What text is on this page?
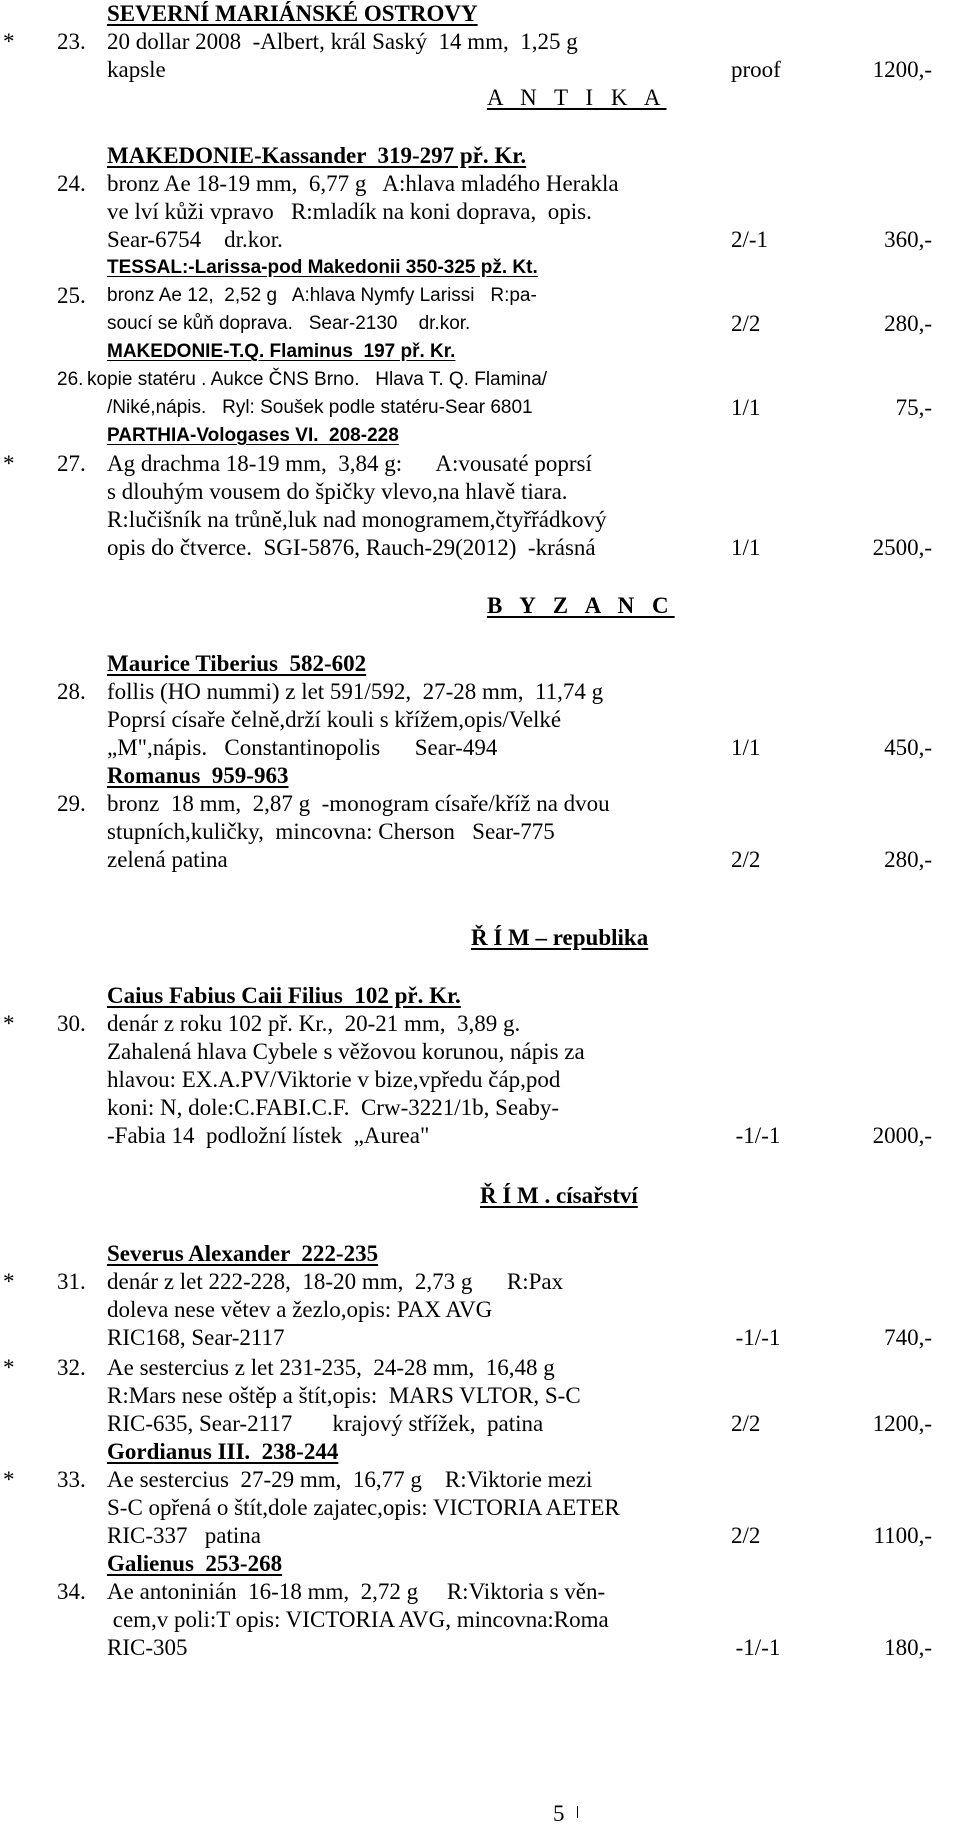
SEVERNÍ MARIÁNSKÉ OSTROVY
* 23. 20 dollar 2008  -Albert, král Saský  14 mm,  1,25 g
kapsle	proof	1200,-
A N T I K A
MAKEDONIE-Kassander  319-297 př. Kr.
24. bronz Ae 18-19 mm,  6,77 g   A:hlava mladého Herakla
ve lví kůži vpravo   R:mladík na koni doprava,  opis.
Sear-6754    dr.kor.	2/-1	360,-
TESSAL:-Larissa-pod Makedonii 350-325 pž. Kt.
25. bronz Ae 12,  2,52 g   A:hlava Nymfy Larissi   R:pa-
soucí se kůň doprava.   Sear-2130    dr.kor.	2/2	280,-
MAKEDONIE-T.Q. Flaminus  197 př. Kr.
26. kopie statéru . Aukce ČNS Brno.   Hlava T. Q. Flamina/
/Niké,nápis.   Ryl: Soušek podle statéru-Sear 6801	1/1	75,-
PARTHIA-Vologases VI.  208-228
* 27. Ag drachma 18-19 mm,  3,84 g:      A:vousaté poprsí
s dlouhým vousem do špičky vlevo,na hlavě tiara.
R:lučišník na trůně,luk nad monogramem,čtyřřádkový
opis do čtverce.  SGI-5876, Rauch-29(2012)  -krásná	1/1	2500,-
B Y Z A N C
Maurice Tiberius  582-602
28. follis (HO nummi) z let 591/592,  27-28 mm,  11,74 g
Poprsí císaře čelně,drží kouli s křížem,opis/Velké
„M",nápis.   Constantinopolis      Sear-494	1/1	450,-
Romanus  959-963
29. bronz  18 mm,  2,87 g  -monogram císaře/kříž na dvou
stupních,kuličky,  mincovna: Cherson   Sear-775
zelená patina	2/2	280,-
Ř Í M – republika
Caius Fabius Caii Filius  102 př. Kr.
* 30. denár z roku 102 př. Kr.,  20-21 mm,  3,89 g.
Zahalená hlava Cybele s věžovou korunou, nápis za
hlavou: EX.A.PV/Viktorie v bize,vpředu čáp,pod
koni: N, dole:C.FABI.C.F.  Crw-3221/1b, Seaby-
-Fabia 14  podložní lístek  „Aurea"	-1/-1	2000,-
Ř Í M . císařství
Severus Alexander  222-235
* 31. denár z let 222-228,  18-20 mm,  2,73 g      R:Pax
doleva nese větev a žezlo,opis: PAX AVG
RIC168, Sear-2117	-1/-1	740,-
* 32. Ae sestercius z let 231-235,  24-28 mm,  16,48 g
R:Mars nese oštěp a štít,opis:  MARS VLTOR, S-C
RIC-635, Sear-2117       krajový střížek,  patina	2/2	1200,-
Gordianus III.  238-244
* 33. Ae sestercius  27-29 mm,  16,77 g    R:Viktorie mezi
S-C opřená o štít,dole zajatec,opis: VICTORIA AETER
RIC-337   patina	2/2	1100,-
Galienus  253-268
34. Ae antoninián  16-18 mm,  2,72 g     R:Viktoria s věn-
cem,v poli:T opis: VICTORIA AVG, mincovna:Roma
RIC-305	-1/-1	180,-
5
